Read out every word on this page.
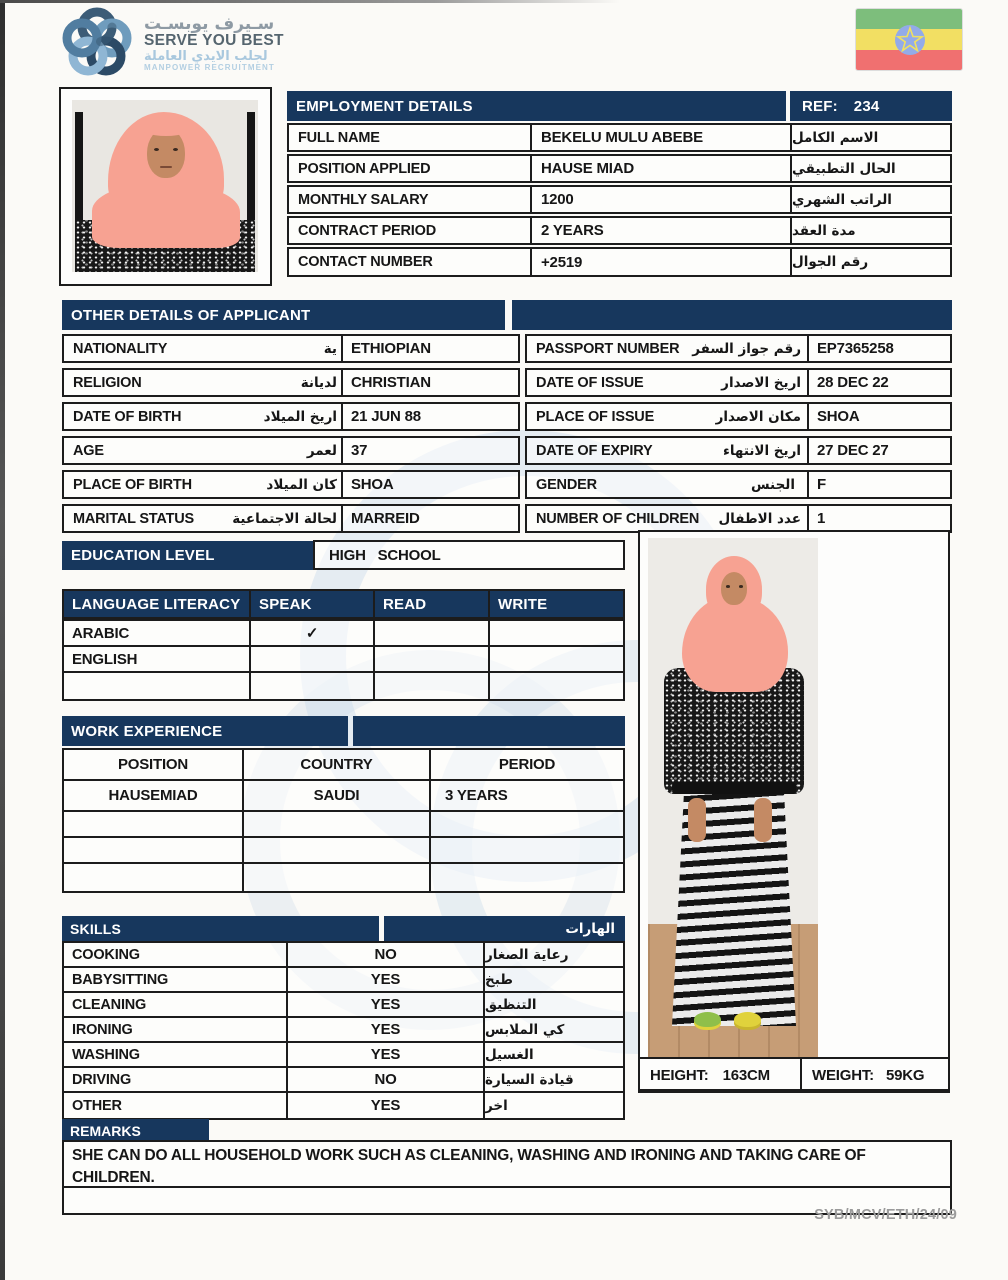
سـيرف يوبسـت
SERVE YOU BEST
لجلب الايدي العاملة
MANPOWER RECRUITMENT
EMPLOYMENT DETAILS	REF: 234
FULL NAME	BEKELU MULU ABEBE	الاسم الكامل
POSITION APPLIED	HAUSE MIAD	الحال التطبيقي
MONTHLY SALARY	1200	الراتب الشهري
CONTRACT PERIOD	2 YEARS	مدة العقد
CONTACT NUMBER	+2519	رقم الجوال
OTHER DETAILS OF APPLICANT
NATIONALITY	ية ETHIOPIAN
RELIGION	لديانة CHRISTIAN
DATE OF BIRTH	اريخ الميلاد 21 JUN 88
AGE	لعمر 37
PLACE OF BIRTH	كان الميلاد SHOA
MARITAL STATUS	لحالة الاجتماعية MARREID
PASSPORT NUMBER رقم جواز السفر	EP7365258
DATE OF ISSUE	اريخ الاصدار	28 DEC 22
PLACE OF ISSUE	مكان الاصدار	SHOA
DATE OF EXPIRY	اريخ الانتهاء	27 DEC 27
GENDER	الجنس	F
NUMBER OF CHILDREN عدد الاطفال	1
EDUCATION LEVEL	HIGH   SCHOOL
LANGUAGE LITERACY	SPEAK	READ	WRITE
ARABIC	✓
ENGLISH
WORK EXPERIENCE
POSITION	COUNTRY	PERIOD
HAUSEMIAD	SAUDI	3 YEARS
SKILLS	الهارات
COOKING	NO	رعاية الصغار
BABYSITTING	YES	طبخ
CLEANING	YES	التنظيق
IRONING	YES	كي الملابس
WASHING	YES	الغسيل
DRIVING	NO	قيادة السيارة
OTHER	YES	اخر
HEIGHT: 163CM	WEIGHT: 59KG
REMARKS
SHE CAN DO ALL HOUSEHOLD WORK SUCH AS CLEANING, WASHING AND IRONING AND TAKING CARE OF CHILDREN.
SYB/MCV/ETH/24/09
